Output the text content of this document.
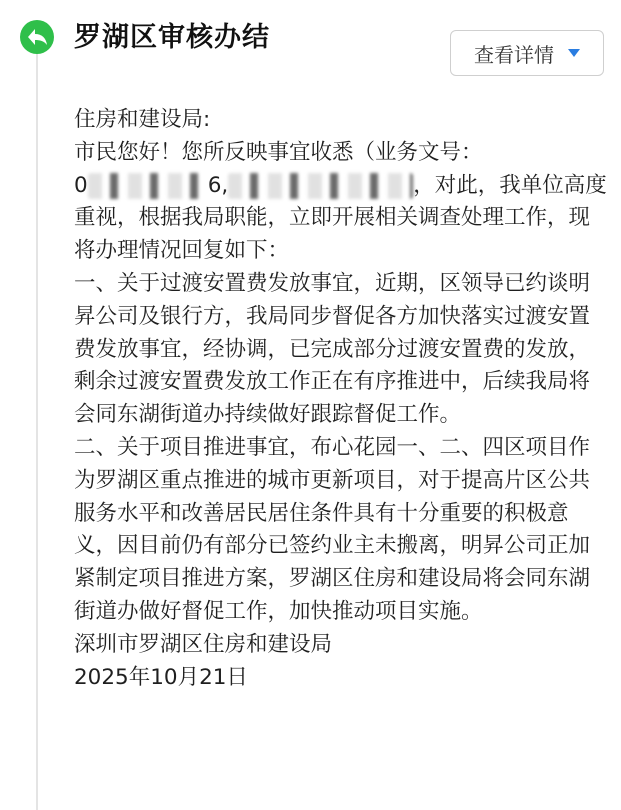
罗湖区审核办结
查看详情

住房和建设局:

市民您好！您所反映事宜收悉（业务文号：
0	6,	，对此，我单位高度重视，根据我局职能，立即开展相关调查处理工作，现将办理情况回复如下：

一、关于过渡安置费发放事宜，近期，区领导已约谈明昇公司及银行方，我局同步督促各方加快落实过渡安置费发放事宜，经协调，已完成部分过渡安置费的发放，剩余过渡安置费发放工作正在有序推进中，后续我局将会同东湖街道办持续做好跟踪督促工作。

二、关于项目推进事宜，布心花园一、二、四区项目作为罗湖区重点推进的城市更新项目，对于提高片区公共服务水平和改善居民居住条件具有十分重要的积极意义，因目前仍有部分已签约业主未搬离，明昇公司正加紧制定项目推进方案，罗湖区住房和建设局将会同东湖街道办做好督促工作，加快推动项目实施。

深圳市罗湖区住房和建设局

2025年10月21日
